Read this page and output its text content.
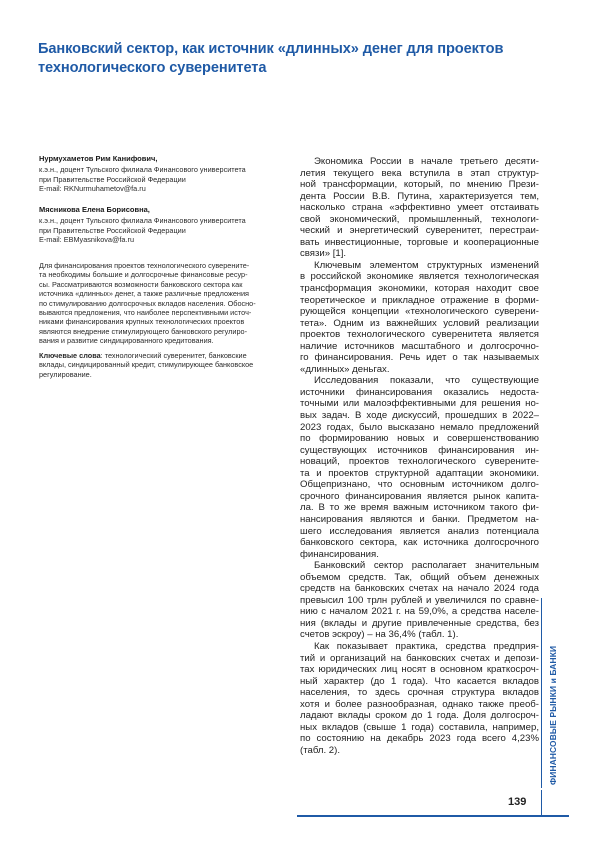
Банковский сектор, как источник «длинных» денег для проектов
технологического суверенитета
Нурмухаметов Рим Канифович,
к.э.н., доцент Тульского филиала Финансового университета
при Правительстве Российской Федерации
E-mail: RKNurmuhametov@fa.ru
Мясникова Елена Борисовна,
к.э.н., доцент Тульского филиала Финансового университета
при Правительстве Российской Федерации
E-mail: EBMyasnikova@fa.ru
Для финансирования проектов технологического суверените-
та необходимы большие и долгосрочные финансовые ресур-
сы. Рассматриваются возможности банковского сектора как
источника «длинных» денег, а также различные предложения
по стимулированию долгосрочных вкладов населения. Обосно-
вываются предложения, что наиболее перспективными источ-
никами финансирования крупных технологических проектов
являются внедрение стимулирующего банковского регулиро-
вания и развитие синдицированного кредитования.
Ключевые слова: технологический суверенитет, банковские
вклады, синдицированный кредит, стимулирующее банковское
регулирование.
Экономика России в начале третьего десяти-
летия текущего века вступила в этап структур-
ной трансформации, который, по мнению Прези-
дента России В.В. Путина, характеризуется тем,
насколько страна «эффективно умеет отстаивать
свой экономический, промышленный, технологи-
ческий и энергетический суверенитет, перестраи-
вать инвестиционные, торговые и кооперационные
связи» [1].
Ключевым элементом структурных изменений
в российской экономике является технологическая
трансформация экономики, которая находит свое
теоретическое и прикладное отражение в форми-
рующейся концепции «технологического суверени-
тета». Одним из важнейших условий реализации
проектов технологического суверенитета является
наличие источников масштабного и долгосрочно-
го финансирования. Речь идет о так называемых
«длинных» деньгах.
Исследования показали, что существующие
источники финансирования оказались недоста-
точными или малоэффективными для решения но-
вых задач. В ходе дискуссий, прошедших в 2022–
2023 годах, было высказано немало предложений
по формированию новых и совершенствованию
существующих источников финансирования ин-
новаций, проектов технологического суверените-
та и проектов структурной адаптации экономики.
Общепризнано, что основным источником долго-
срочного финансирования является рынок капита-
ла. В то же время важным источником такого фи-
нансирования являются и банки. Предметом на-
шего исследования является анализ потенциала
банковского сектора, как источника долгосрочного
финансирования.
Банковский сектор располагает значительным
объемом средств. Так, общий объем денежных
средств на банковских счетах на начало 2024 года
превысил 100 трлн рублей и увеличился по сравне-
нию с началом 2021 г. на 59,0%, а средства населе-
ния (вклады и другие привлеченные средства, без
счетов эскроу) – на 36,4% (табл. 1).
Как показывает практика, средства предприя-
тий и организаций на банковских счетах и депози-
тах юридических лиц носят в основном краткосроч-
ный характер (до 1 года). Что касается вкладов
населения, то здесь срочная структура вкладов
хотя и более разнообразная, однако также преоб-
ладают вклады сроком до 1 года. Доля долгосроч-
ных вкладов (свыше 1 года) составила, например,
по состоянию на декабрь 2023 года всего 4,23%
(табл. 2).	ФИНАНСОВЫЕ РЫНКИ и БАНКИ
139
